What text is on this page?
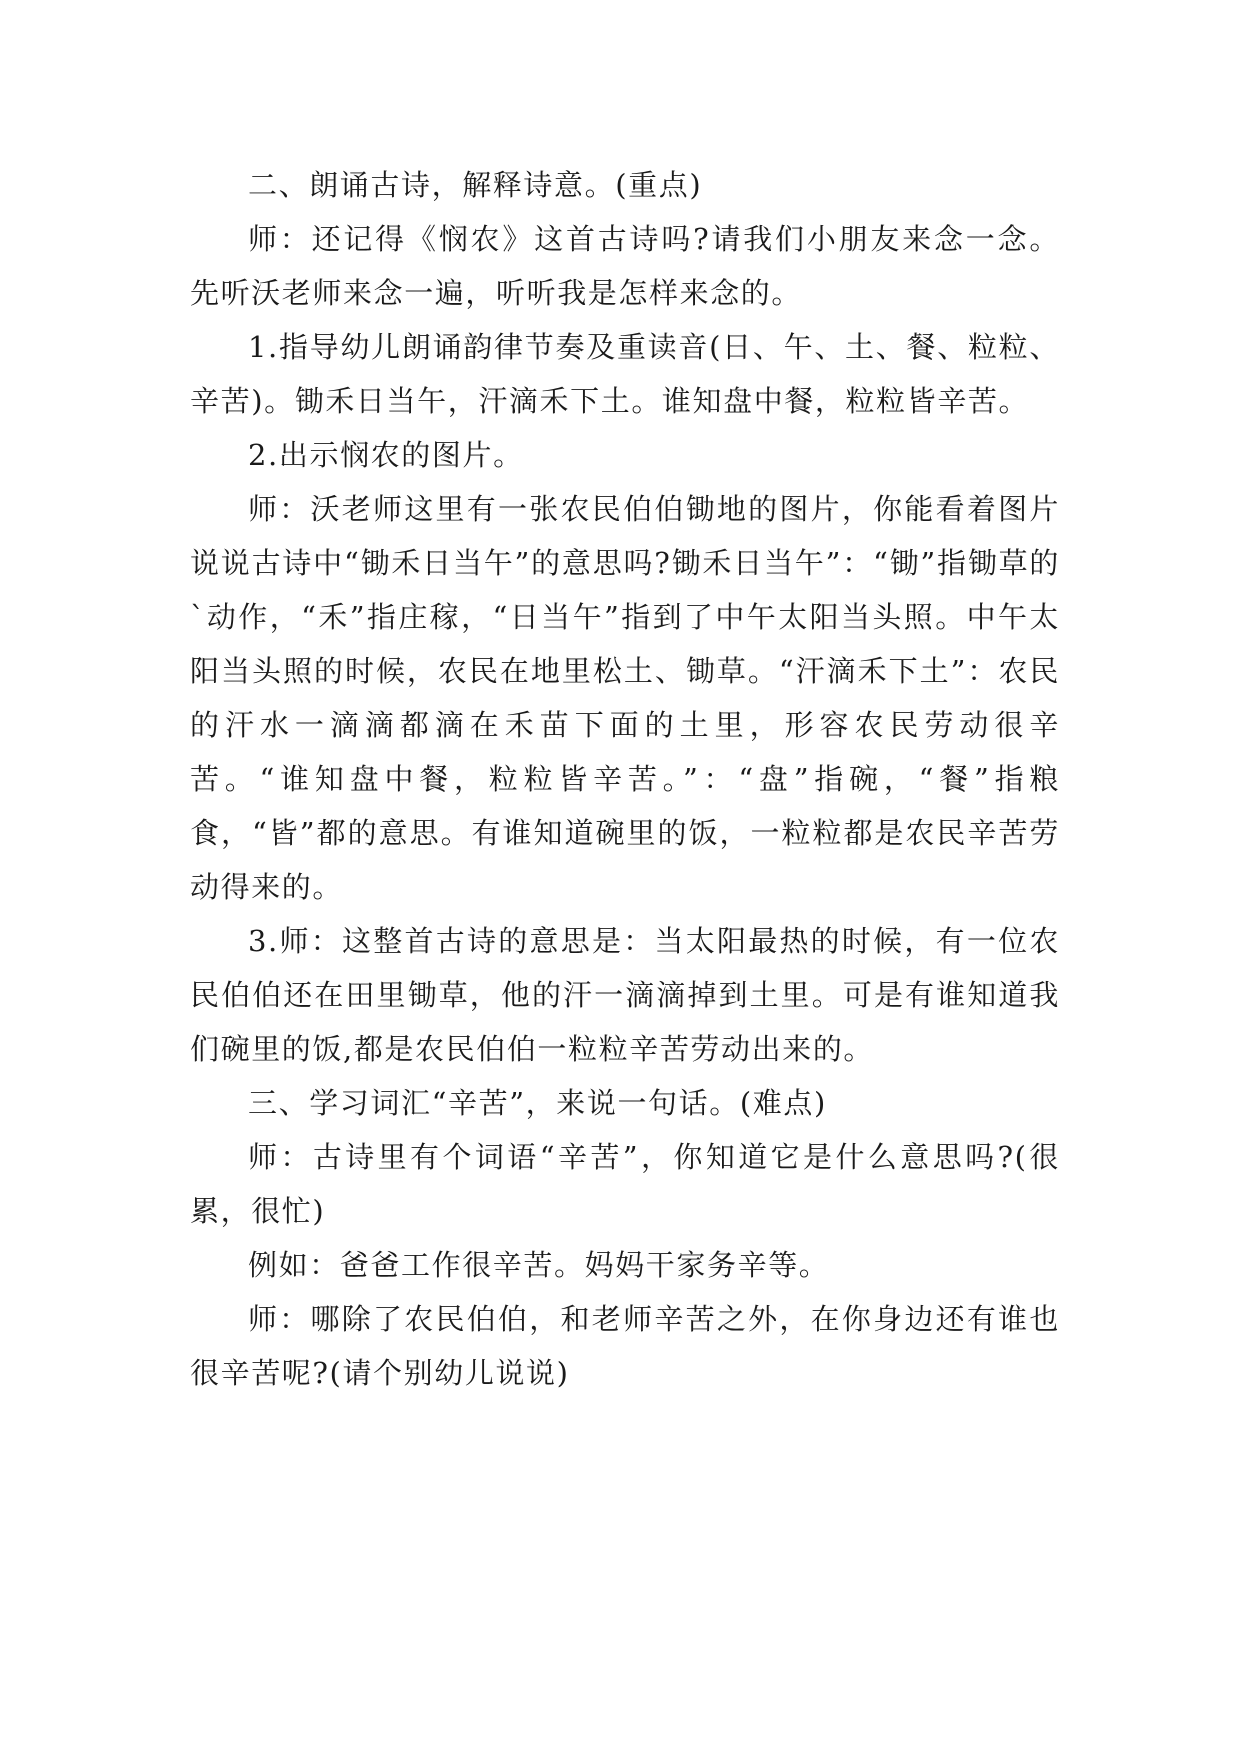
二、朗诵古诗，解释诗意。(重点)

师：还记得《悯农》这首古诗吗?请我们小朋友来念一念。先听沃老师来念一遍，听听我是怎样来念的。

1.指导幼儿朗诵韵律节奏及重读音(日、午、土、餐、粒粒、辛苦)。锄禾日当午，汗滴禾下土。谁知盘中餐，粒粒皆辛苦。

2.出示悯农的图片。

师：沃老师这里有一张农民伯伯锄地的图片，你能看着图片说说古诗中“锄禾日当午”的意思吗?锄禾日当午”：“锄”指锄草的`动作，“禾”指庄稼，“日当午”指到了中午太阳当头照。中午太阳当头照的时候，农民在地里松土、锄草。“汗滴禾下土”：农民的汗水一滴滴都滴在禾苗下面的土里，形容农民劳动很辛苦。“谁知盘中餐，粒粒皆辛苦。”：“盘”指碗，“餐”指粮食，“皆”都的意思。有谁知道碗里的饭，一粒粒都是农民辛苦劳动得来的。

3.师：这整首古诗的意思是：当太阳最热的时候，有一位农民伯伯还在田里锄草，他的汗一滴滴掉到土里。可是有谁知道我们碗里的饭,都是农民伯伯一粒粒辛苦劳动出来的。

三、学习词汇“辛苦”，来说一句话。(难点)

师：古诗里有个词语“辛苦”，你知道它是什么意思吗?(很累，很忙)

例如：爸爸工作很辛苦。妈妈干家务辛等。

师：哪除了农民伯伯，和老师辛苦之外，在你身边还有谁也很辛苦呢?(请个别幼儿说说)
